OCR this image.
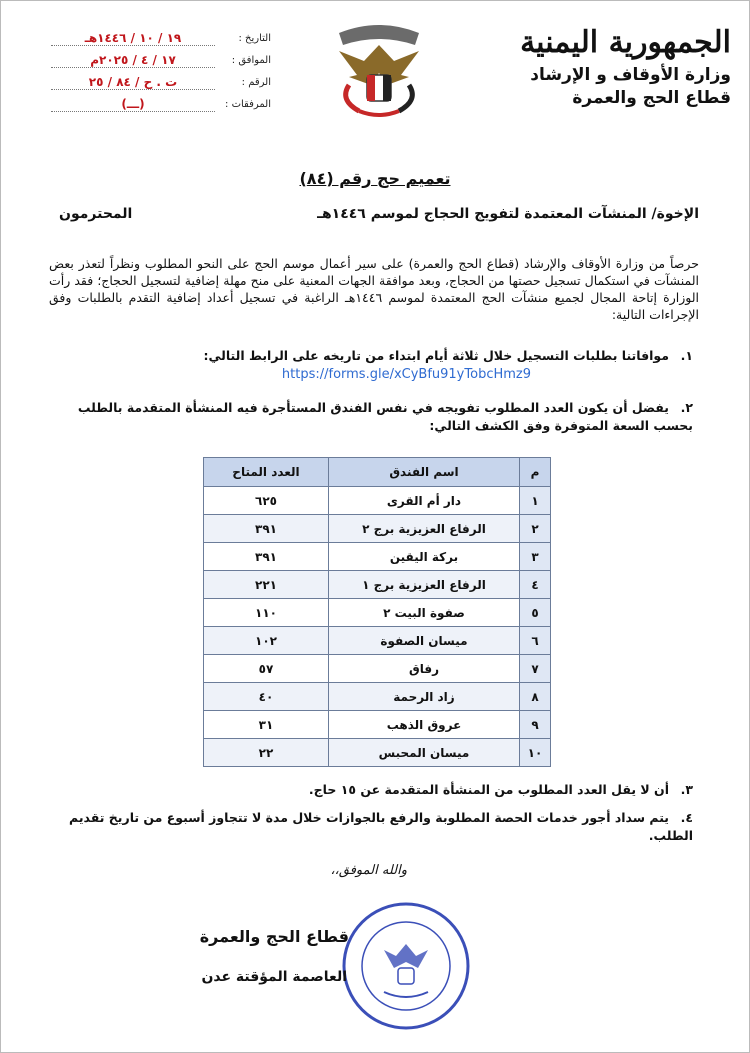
الجمهورية اليمنية
وزارة الأوقاف و الإرشاد
قطاع الحج والعمرة
التاريخ :
١٩ / ١٠ / ١٤٤٦هـ
الموافق :
١٧ / ٤ / ٢٠٢٥م
الرقم :
ت . ح / ٨٤ / ٢٥
المرفقات :
(ـــ)
تعميم حج رقم (٨٤)
الإخوة/ المنشآت المعتمدة لتفويج الحجاج لموسم ١٤٤٦هـ
المحترمون
حرصاً من وزارة الأوقاف والإرشاد (قطاع الحج والعمرة) على سير أعمال موسم الحج على النحو المطلوب ونظراً لتعذر بعض المنشآت في استكمال تسجيل حصتها من الحجاج، وبعد موافقة الجهات المعنية على منح مهلة إضافية لتسجيل الحجاج؛ فقد رأت الوزارة إتاحة المجال لجميع منشآت الحج المعتمدة لموسم ١٤٤٦هـ الراغبة في تسجيل أعداد إضافية التقدم بالطلبات وفق الإجراءات التالية:
١.موافاتنا بطلبات التسجيل خلال ثلاثة أيام ابتداء من تاريخه على الرابط التالي:
https://forms.gle/xCyBfu91yTobcHmz9
٢.يفضل أن يكون العدد المطلوب تفويجه في نفس الفندق المستأجرة فيه المنشأة المتقدمة بالطلب بحسب السعة المتوفرة وفق الكشف التالي:
م	اسم الفندق	العدد المتاح
١	دار أم القرى	٦٢٥
٢	الرفاع العزيزية برج ٢	٣٩١
٣	بركة اليقين	٣٩١
٤	الرفاع العزيزية برج ١	٢٢١
٥	صفوة البيت ٢	١١٠
٦	ميسان الصفوة	١٠٢
٧	رفاق	٥٧
٨	زاد الرحمة	٤٠
٩	عروق الذهب	٣١
١٠	ميسان المحبس	٢٢
٣.أن لا يقل العدد المطلوب من المنشأة المتقدمة عن ١٥ حاج.
٤.يتم سداد أجور خدمات الحصة المطلوبة والرفع بالجوازات خلال مدة لا تتجاوز أسبوع من تاريخ تقديم الطلب.
والله الموفق،،
قطاع الحج والعمرة
العاصمة المؤقتة عدن
